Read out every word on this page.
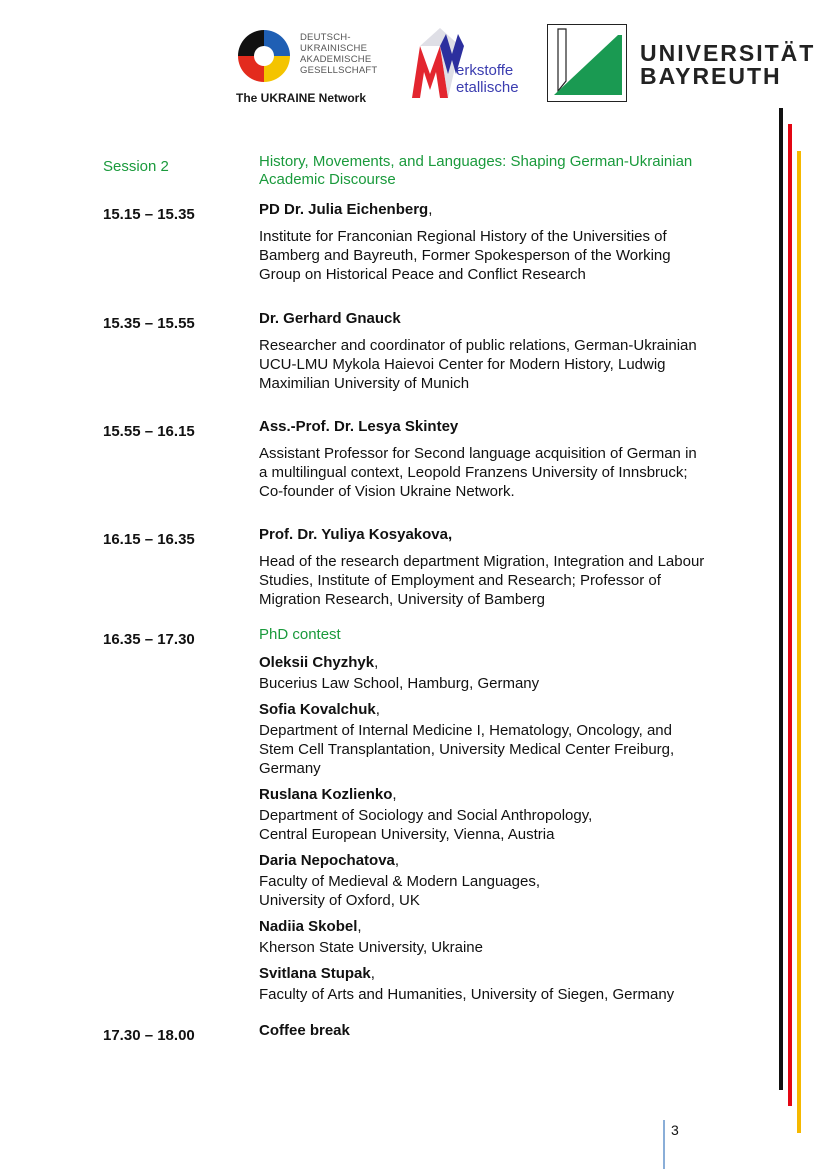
DEUTSCH-
UKRAINISCHE
AKADEMISCHE
GESELLSCHAFT
The UKRAINE Network
erkstoffe
etallische
UNIVERSITÄT
BAYREUTH
Session 2	History, Movements, and Languages: Shaping German-Ukrainian Academic Discourse
15.15 – 15.35	PD Dr. Julia Eichenberg,
Institute for Franconian Regional History of the Universities of Bamberg and Bayreuth, Former Spokesperson of the Working Group on Historical Peace and Conflict Research
15.35 – 15.55	Dr. Gerhard Gnauck
Researcher and coordinator of public relations, German-Ukrainian UCU-LMU Mykola Haievoi Center for Modern History, Ludwig Maximilian University of Munich
15.55 – 16.15	Ass.-Prof. Dr. Lesya Skintey
Assistant Professor for Second language acquisition of German in a multilingual context, Leopold Franzens University of Innsbruck; Co-founder of Vision Ukraine Network.
16.15 – 16.35	Prof. Dr. Yuliya Kosyakova,
Head of the research department Migration, Integration and Labour Studies, Institute of Employment and Research; Professor of Migration Research, University of Bamberg
16.35 – 17.30	PhD contest
Oleksii Chyzhyk,
Bucerius Law School, Hamburg, Germany
Sofia Kovalchuk,
Department of Internal Medicine I, Hematology, Oncology, and Stem Cell Transplantation, University Medical Center Freiburg, Germany
Ruslana Kozlienko,
Department of Sociology and Social Anthropology, Central European University, Vienna, Austria
Daria Nepochatova,
Faculty of Medieval & Modern Languages, University of Oxford, UK
Nadiia Skobel,
Kherson State University, Ukraine
Svitlana Stupak,
Faculty of Arts and Humanities, University of Siegen, Germany
17.30 – 18.00	Coffee break
3
